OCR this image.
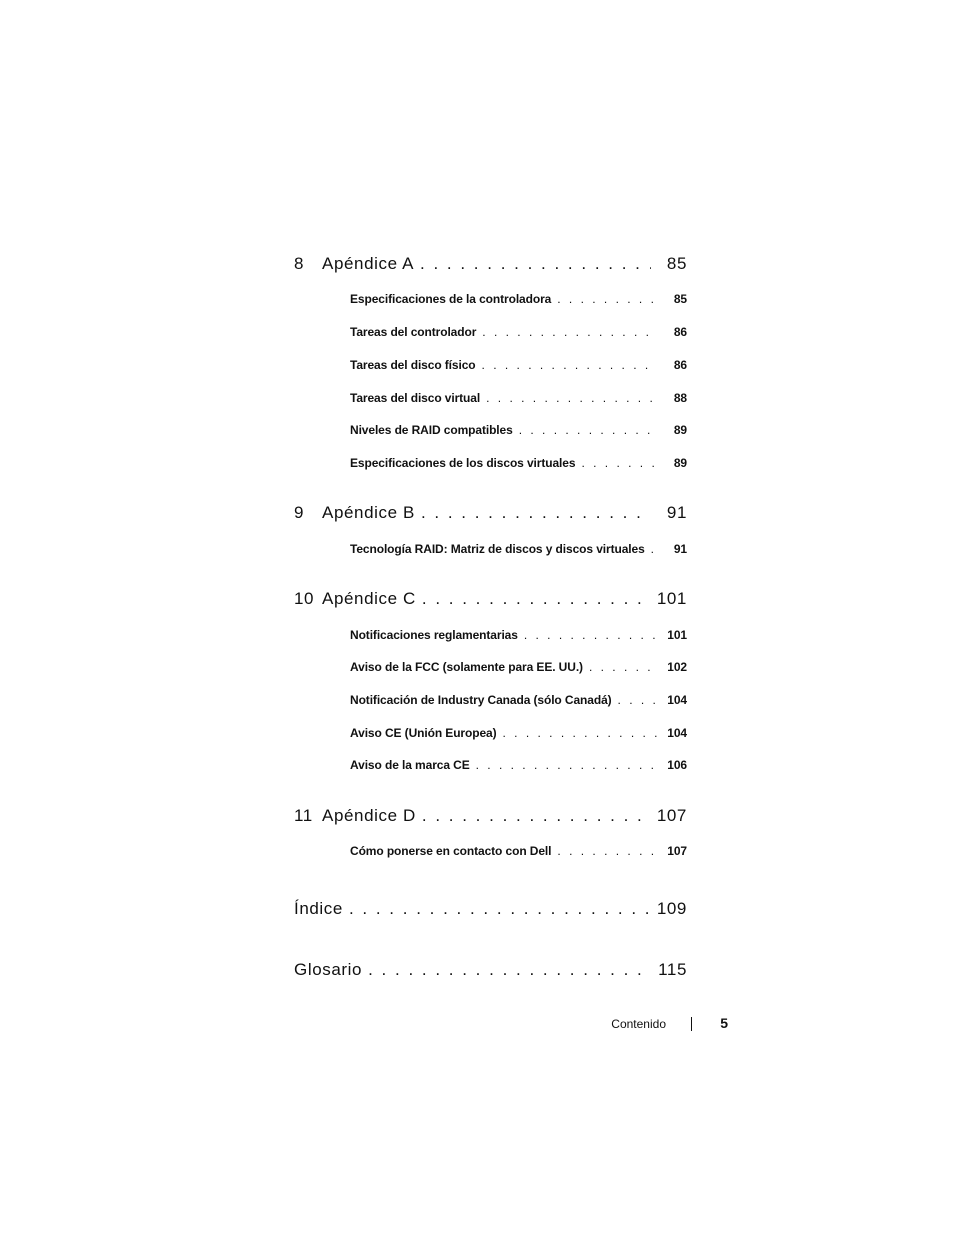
8	Apéndice A . . .	85
Especificaciones de la controladora . . .	85
Tareas del controlador . . .	86
Tareas del disco físico . . .	86
Tareas del disco virtual . . .	88
Niveles de RAID compatibles . . .	89
Especificaciones de los discos virtuales . . .	89
9	Apéndice B . . .	91
Tecnología RAID: Matriz de discos y discos virtuales . . .	91
10 Apéndice C . . .	101
Notificaciones reglamentarias . . .	101
Aviso de la FCC (solamente para EE. UU.) . . .	102
Notificación de Industry Canada (sólo Canadá) . . .	104
Aviso CE (Unión Europea) . . .	104
Aviso de la marca CE . . .	106
11 Apéndice D . . .	107
Cómo ponerse en contacto con Dell . . .	107
Índice . . .	109
Glosario . . .	115
Contenido	5
